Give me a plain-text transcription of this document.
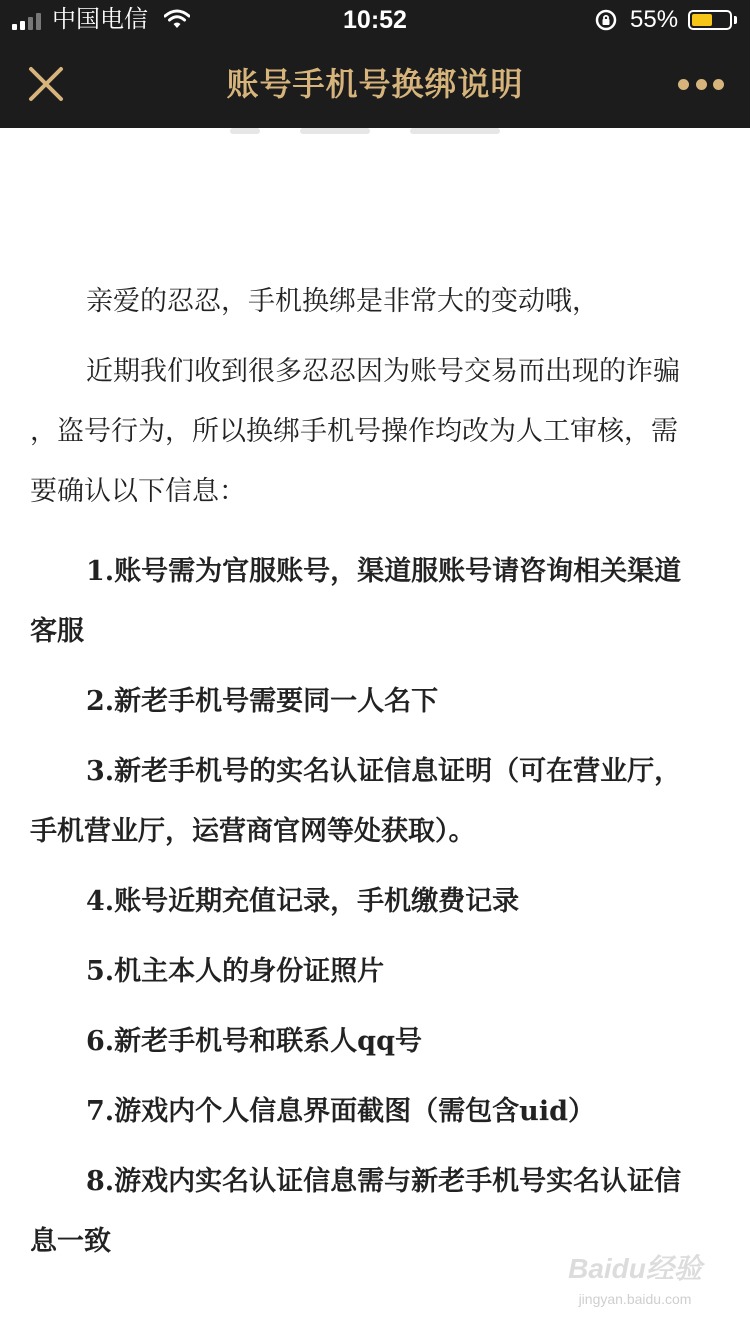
中国电信	10:52	55%
账号手机号换绑说明
亲爱的忍忍，手机换绑是非常大的变动哦，
近期我们收到很多忍忍因为账号交易而出现的诈骗
，盗号行为，所以换绑手机号操作均改为人工审核，需
要确认以下信息：
1.账号需为官服账号，渠道服账号请咨询相关渠道
客服
2.新老手机号需要同一人名下
3.新老手机号的实名认证信息证明（可在营业厅，
手机营业厅，运营商官网等处获取）。
4.账号近期充值记录，手机缴费记录
5.机主本人的身份证照片
6.新老手机号和联系人qq号
7.游戏内个人信息界面截图（需包含uid）
8.游戏内实名认证信息需与新老手机号实名认证信
息一致
Baidu经验
jingyan.baidu.com
